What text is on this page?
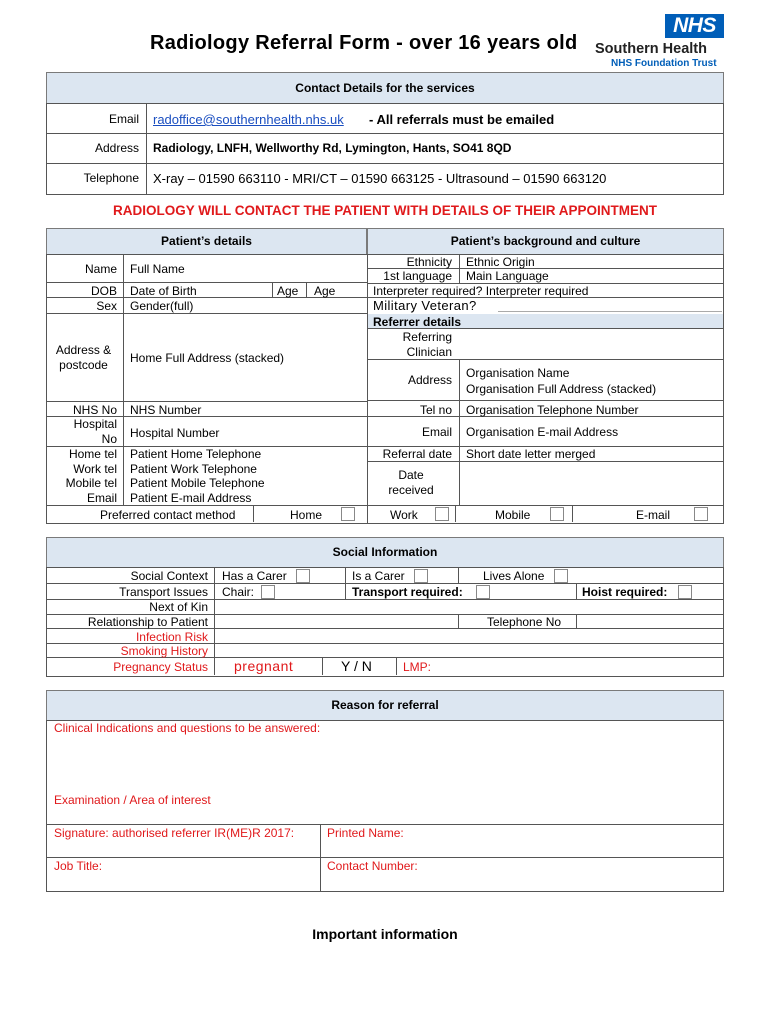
Radiology Referral Form - over 16 years old
NHS
Southern Health
NHS Foundation Trust
Contact Details for the services
Email radoffice@southernhealth.nhs.uk - All referrals must be emailed
Address Radiology, LNFH, Wellworthy Rd, Lymington, Hants, SO41 8QD
Telephone X-ray – 01590 663110 - MRI/CT – 01590 663125 - Ultrasound – 01590 663120
RADIOLOGY WILL CONTACT THE PATIENT WITH DETAILS OF THEIR APPOINTMENT
Patient’s details	Patient’s background and culture
Name Full Name
DOB Date of Birth	Age Age
Sex Gender(full)
Address &
postcode	Home Full Address (stacked)
NHS No NHS Number
Hospital
No Hospital Number
Home tel Patient Home Telephone
Work tel Patient Work Telephone
Mobile tel Patient Mobile Telephone
Email Patient E-mail Address
Preferred contact method	Home	Work	Mobile	E-mail
Ethnicity Ethnic Origin
1st language Main Language
Interpreter required? Interpreter required
Military Veteran?
Referrer details
Referring
Clinician
Address Organisation Name
Organisation Full Address (stacked)
Tel no Organisation Telephone Number
Email Organisation E-mail Address
Referral date Short date letter merged
Date
received
Social Information
Social Context Has a Carer	Is a Carer	Lives Alone
Transport Issues Chair:	Transport required:	Hoist required:
Next of Kin
Relationship to Patient	Telephone No
Infection Risk
Smoking History
Pregnancy Status pregnant	Y / N	LMP:
Reason for referral
Clinical Indications and questions to be answered:
Examination / Area of interest
Signature: authorised referrer IR(ME)R 2017:	Printed Name:
Job Title:	Contact Number:
Important information
